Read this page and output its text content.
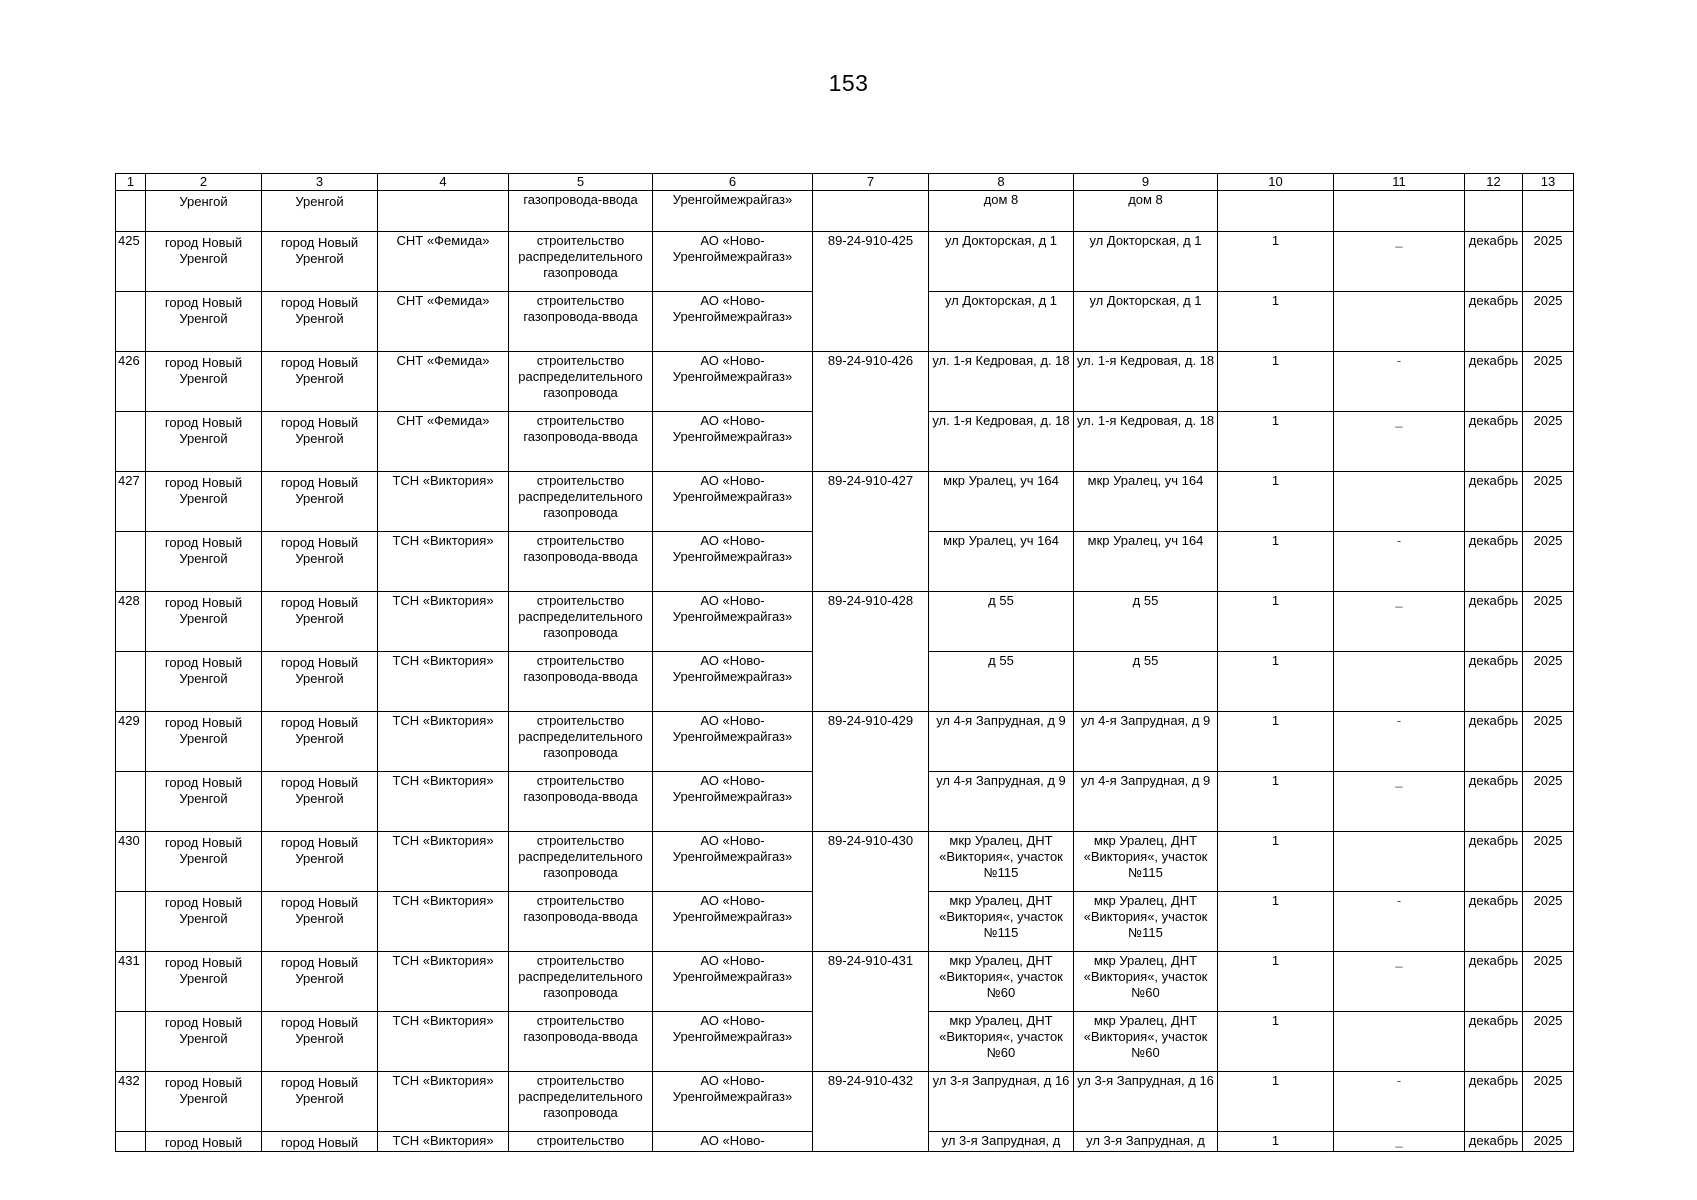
153
1	2	3	4	5	6	7	8	9	10	11	12	13
	Уренгой	Уренгой		газопровода-ввода	Уренгоймежрайгаз»		дом 8	дом 8				
425	город Новый Уренгой	город Новый Уренгой	СНТ «Фемида»	строительство распределительного газопровода	АО «Ново-Уренгоймежрайгаз»	89-24-910-425	ул Докторская, д 1	ул Докторская, д 1	1	_	декабрь	2025
	город Новый Уренгой	город Новый Уренгой	СНТ «Фемида»	строительство газопровода-ввода	АО «Ново-Уренгоймежрайгаз»		ул Докторская, д 1	ул Докторская, д 1	1		декабрь	2025
426	город Новый Уренгой	город Новый Уренгой	СНТ «Фемида»	строительство распределительного газопровода	АО «Ново-Уренгоймежрайгаз»	89-24-910-426	ул. 1-я Кедровая, д. 18	ул. 1-я Кедровая, д. 18	1	-	декабрь	2025
	город Новый Уренгой	город Новый Уренгой	СНТ «Фемида»	строительство газопровода-ввода	АО «Ново-Уренгоймежрайгаз»		ул. 1-я Кедровая, д. 18	ул. 1-я Кедровая, д. 18	1	_	декабрь	2025
427	город Новый Уренгой	город Новый Уренгой	ТСН «Виктория»	строительство распределительного газопровода	АО «Ново-Уренгоймежрайгаз»	89-24-910-427	мкр Уралец, уч 164	мкр Уралец, уч 164	1		декабрь	2025
	город Новый Уренгой	город Новый Уренгой	ТСН «Виктория»	строительство газопровода-ввода	АО «Ново-Уренгоймежрайгаз»		мкр Уралец, уч 164	мкр Уралец, уч 164	1	-	декабрь	2025
428	город Новый Уренгой	город Новый Уренгой	ТСН «Виктория»	строительство распределительного газопровода	АО «Ново-Уренгоймежрайгаз»	89-24-910-428	д 55	д 55	1	_	декабрь	2025
	город Новый Уренгой	город Новый Уренгой	ТСН «Виктория»	строительство газопровода-ввода	АО «Ново-Уренгоймежрайгаз»		д 55	д 55	1		декабрь	2025
429	город Новый Уренгой	город Новый Уренгой	ТСН «Виктория»	строительство распределительного газопровода	АО «Ново-Уренгоймежрайгаз»	89-24-910-429	ул 4-я Запрудная, д 9	ул 4-я Запрудная, д 9	1	-	декабрь	2025
	город Новый Уренгой	город Новый Уренгой	ТСН «Виктория»	строительство газопровода-ввода	АО «Ново-Уренгоймежрайгаз»		ул 4-я Запрудная, д 9	ул 4-я Запрудная, д 9	1	_	декабрь	2025
430	город Новый Уренгой	город Новый Уренгой	ТСН «Виктория»	строительство распределительного газопровода	АО «Ново-Уренгоймежрайгаз»	89-24-910-430	мкр Уралец, ДНТ «Виктория«, участок №115	мкр Уралец, ДНТ «Виктория«, участок №115	1		декабрь	2025
	город Новый Уренгой	город Новый Уренгой	ТСН «Виктория»	строительство газопровода-ввода	АО «Ново-Уренгоймежрайгаз»		мкр Уралец, ДНТ «Виктория«, участок №115	мкр Уралец, ДНТ «Виктория«, участок №115	1	-	декабрь	2025
431	город Новый Уренгой	город Новый Уренгой	ТСН «Виктория»	строительство распределительного газопровода	АО «Ново-Уренгоймежрайгаз»	89-24-910-431	мкр Уралец, ДНТ «Виктория«, участок №60	мкр Уралец, ДНТ «Виктория«, участок №60	1	_	декабрь	2025
	город Новый Уренгой	город Новый Уренгой	ТСН «Виктория»	строительство газопровода-ввода	АО «Ново-Уренгоймежрайгаз»		мкр Уралец, ДНТ «Виктория«, участок №60	мкр Уралец, ДНТ «Виктория«, участок №60	1		декабрь	2025
432	город Новый Уренгой	город Новый Уренгой	ТСН «Виктория»	строительство распределительного газопровода	АО «Ново-Уренгоймежрайгаз»	89-24-910-432	ул 3-я Запрудная, д 16	ул 3-я Запрудная, д 16	1	-	декабрь	2025
	город Новый	город Новый	ТСН «Виктория»	строительство	АО «Ново-		ул 3-я Запрудная, д	ул 3-я Запрудная, д	1	_	декабрь	2025
